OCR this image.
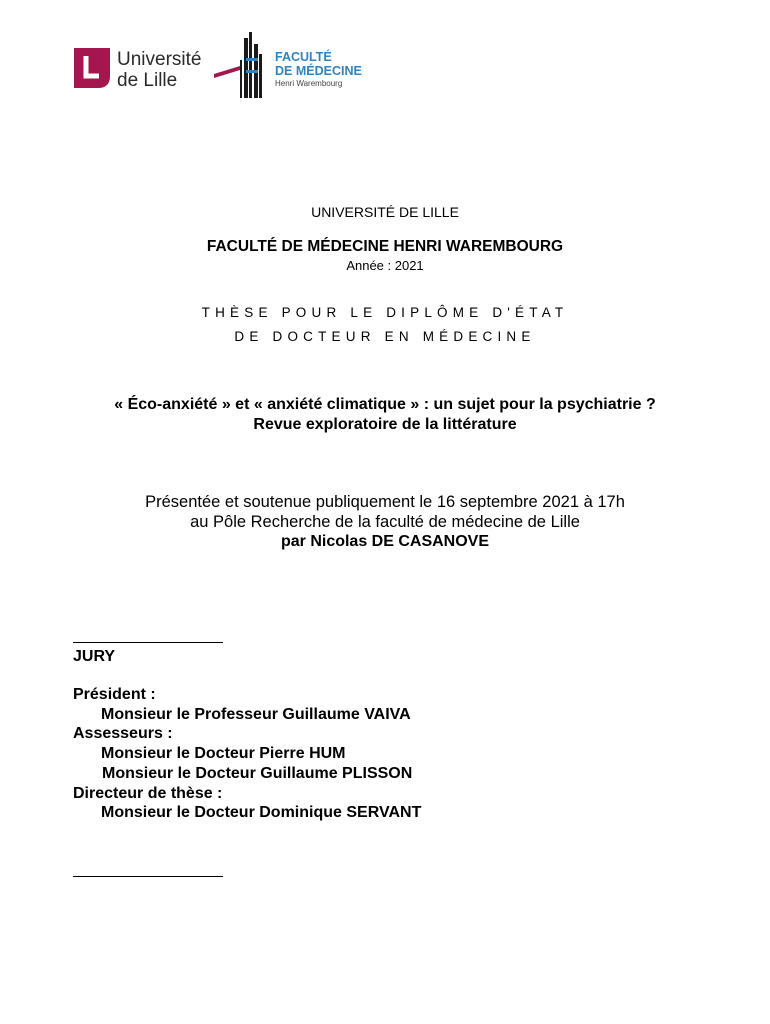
Université
de Lille
FACULTÉ
DE MÉDECINE
Henri Warembourg
UNIVERSITÉ DE LILLE
FACULTÉ DE MÉDECINE HENRI WAREMBOURG
Année : 2021
THÈSE POUR LE DIPLÔME D'ÉTAT
DE DOCTEUR EN MÉDECINE
« Éco-anxiété » et « anxiété climatique » : un sujet pour la psychiatrie ?
Revue exploratoire de la littérature
Présentée et soutenue publiquement le 16 septembre 2021 à 17h
au Pôle Recherche de la faculté de médecine de Lille
par Nicolas DE CASANOVE
JURY
Président :
Monsieur le Professeur Guillaume VAIVA
Assesseurs :
Monsieur le Docteur Pierre HUM
Monsieur le Docteur Guillaume PLISSON
Directeur de thèse :
Monsieur le Docteur Dominique SERVANT
